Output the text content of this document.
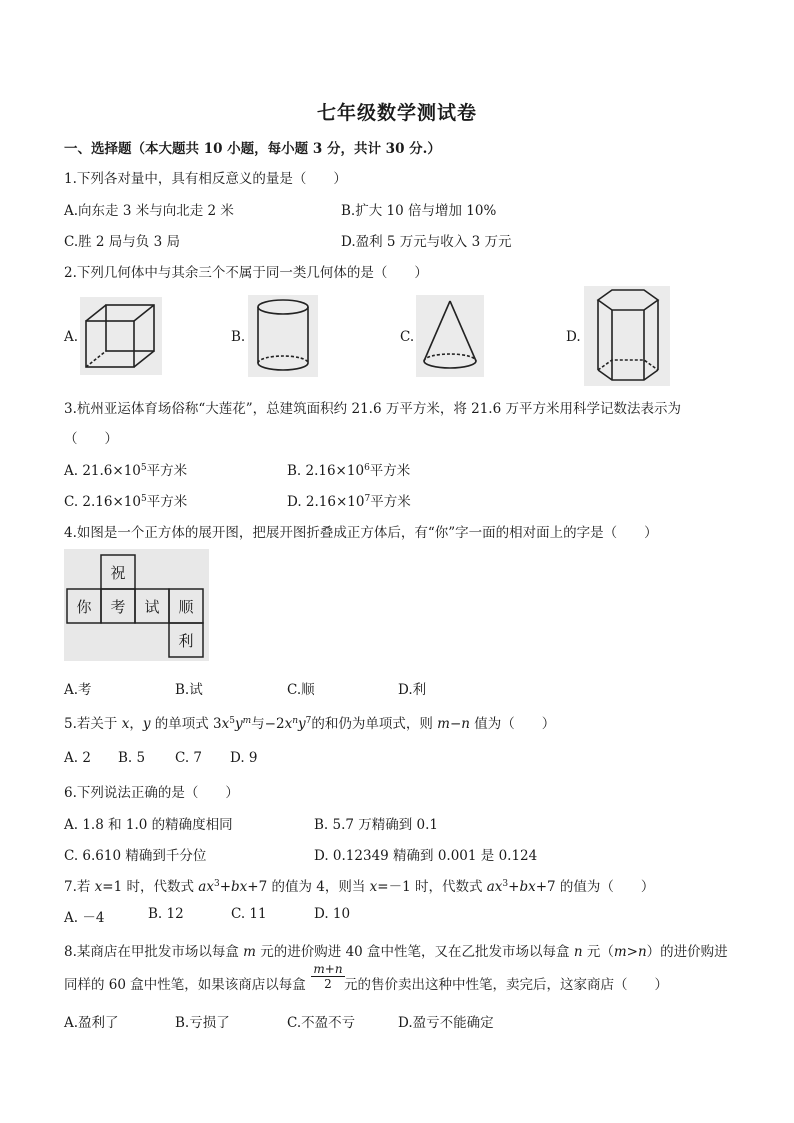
七年级数学测试卷
一、选择题（本大题共 10 小题，每小题 3 分，共计 30 分.）
1.下列各对量中，具有相反意义的量是（　　）
A.向东走 3 米与向北走 2 米	B.扩大 10 倍与增加 10%
C.胜 2 局与负 3 局	D.盈利 5 万元与收入 3 万元
2.下列几何体中与其余三个不属于同一类几何体的是（　　）
A.	B.	C.	D.
3.杭州亚运体育场俗称“大莲花”，总建筑面积约 21.6 万平方米，将 21.6 万平方米用科学记数法表示为
（　　）
A. $21.6\times 10^5$平方米	B. $2.16\times 10^6$平方米
C. $2.16\times 10^5$平方米	D. $2.16\times 10^7$平方米
4.如图是一个正方体的展开图，把展开图折叠成正方体后，有“你”字一面的相对面上的字是（　　）
祝
你 考 试 顺
利
A.考	B.试	C.顺	D.利
5.若关于 x，y 的单项式 $3x^5y^m$与$-2x^ny^7$的和仍为单项式，则 m−n 值为（　　）
A. 2 B. 5 C. 7 D. 9
6.下列说法正确的是（　　）
A. 1.8 和 1.0 的精确度相同	B. 5.7 万精确到 0.1
C. 6.610 精确到千分位	D. 0.12349 精确到 0.001 是 0.124
7.若 x=1 时，代数式 $ax^3+bx+7$ 的值为 4，则当 x=－1 时，代数式 $ax^3+bx+7$ 的值为（　　）
A. －4	B. 12	C. 11	D. 10
8.某商店在甲批发市场以每盒 m 元的进价购进 40 盒中性笔，又在乙批发市场以每盒 n 元（m>n）的进价购进
同样的 60 盒中性笔，如果该商店以每盒	元的售价卖出这种中性笔，卖完后，这家商店（　　）
$\frac{m+n}{2}$
A.盈利了	B.亏损了	C.不盈不亏	D.盈亏不能确定
